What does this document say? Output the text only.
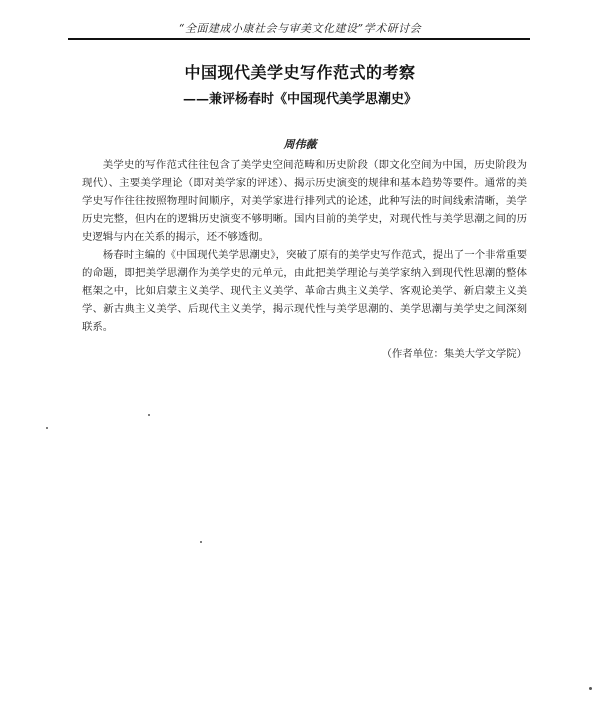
“全面建成小康社会与审美文化建设”学术研讨会
中国现代美学史写作范式的考察
——兼评杨春时《中国现代美学思潮史》
周伟薇

美学史的写作范式往往包含了美学史空间范畴和历史阶段（即文化空间为中国，历史阶段为现代）、主要美学理论（即对美学家的评述）、揭示历史演变的规律和基本趋势等要件。通常的美学史写作往往按照物理时间顺序，对美学家进行排列式的论述，此种写法的时间线索清晰，美学历史完整，但内在的逻辑历史演变不够明晰。国内目前的美学史，对现代性与美学思潮之间的历史逻辑与内在关系的揭示，还不够透彻。

杨春时主编的《中国现代美学思潮史》，突破了原有的美学史写作范式，提出了一个非常重要的命题，即把美学思潮作为美学史的元单元，由此把美学理论与美学家纳入到现代性思潮的整体框架之中，比如启蒙主义美学、现代主义美学、革命古典主义美学、客观论美学、新启蒙主义美学、新古典主义美学、后现代主义美学，揭示现代性与美学思潮的、美学思潮与美学史之间深刻联系。

（作者单位：集美大学文学院）
